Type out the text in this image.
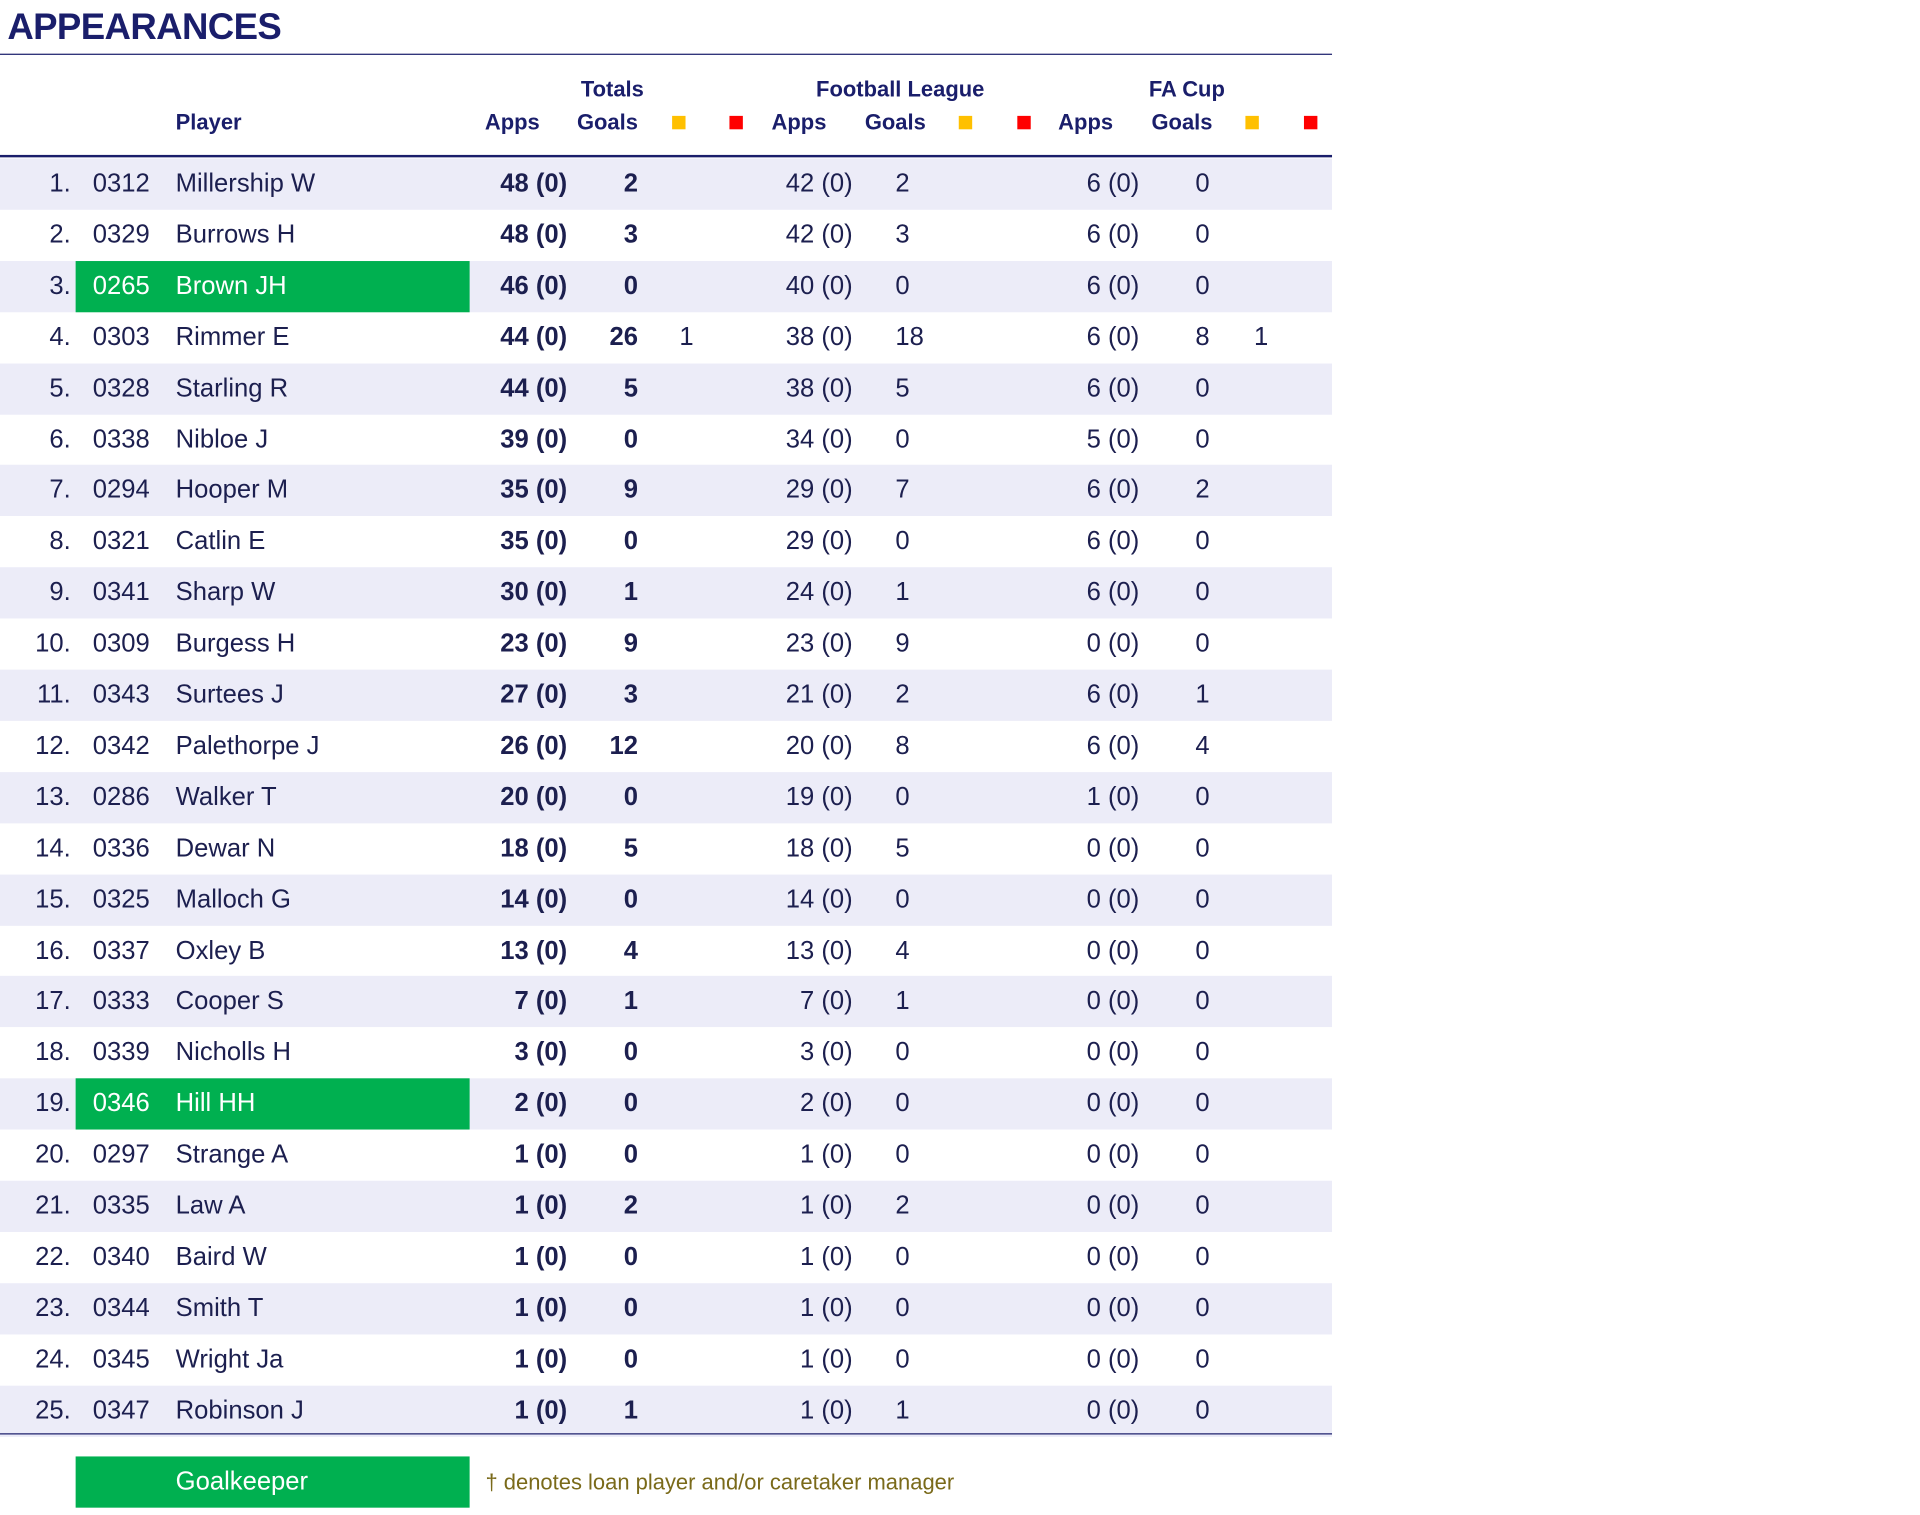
APPEARANCES
Totals	Football League	FA Cup
Player	Apps Goals	Apps Goals	Apps Goals
1. 0312 Millership W	48 (0)	2	42 (0) 2	6 (0)	0
2. 0329 Burrows H	48 (0)	3	42 (0) 3	6 (0)	0
3. 0265 Brown JH	46 (0)	0	40 (0) 0	6 (0)	0
4. 0303 Rimmer E	44 (0)	26 1	38 (0) 18	6 (0)	8 1
5. 0328 Starling R	44 (0)	5	38 (0) 5	6 (0)	0
6. 0338 Nibloe J	39 (0)	0	34 (0) 0	5 (0)	0
7. 0294 Hooper M	35 (0)	9	29 (0) 7	6 (0)	2
8. 0321 Catlin E	35 (0)	0	29 (0) 0	6 (0)	0
9. 0341 Sharp W	30 (0)	1	24 (0) 1	6 (0)	0
10. 0309 Burgess H	23 (0)	9	23 (0) 9	0 (0)	0
11. 0343 Surtees J	27 (0)	3	21 (0) 2	6 (0)	1
12. 0342 Palethorpe J	26 (0)	12	20 (0) 8	6 (0)	4
13. 0286 Walker T	20 (0)	0	19 (0) 0	1 (0)	0
14. 0336 Dewar N	18 (0)	5	18 (0) 5	0 (0)	0
15. 0325 Malloch G	14 (0)	0	14 (0) 0	0 (0)	0
16. 0337 Oxley B	13 (0)	4	13 (0) 4	0 (0)	0
17. 0333 Cooper S	7 (0)	1	7 (0) 1	0 (0)	0
18. 0339 Nicholls H	3 (0)	0	3 (0) 0	0 (0)	0
19. 0346 Hill HH	2 (0)	0	2 (0) 0	0 (0)	0
20. 0297 Strange A	1 (0)	0	1 (0) 0	0 (0)	0
21. 0335 Law A	1 (0)	2	1 (0) 2	0 (0)	0
22. 0340 Baird W	1 (0)	0	1 (0) 0	0 (0)	0
23. 0344 Smith T	1 (0)	0	1 (0) 0	0 (0)	0
24. 0345 Wright Ja	1 (0)	0	1 (0) 0	0 (0)	0
25. 0347 Robinson J	1 (0)	1	1 (0) 1	0 (0)	0
Goalkeeper	† denotes loan player and/or caretaker manager
